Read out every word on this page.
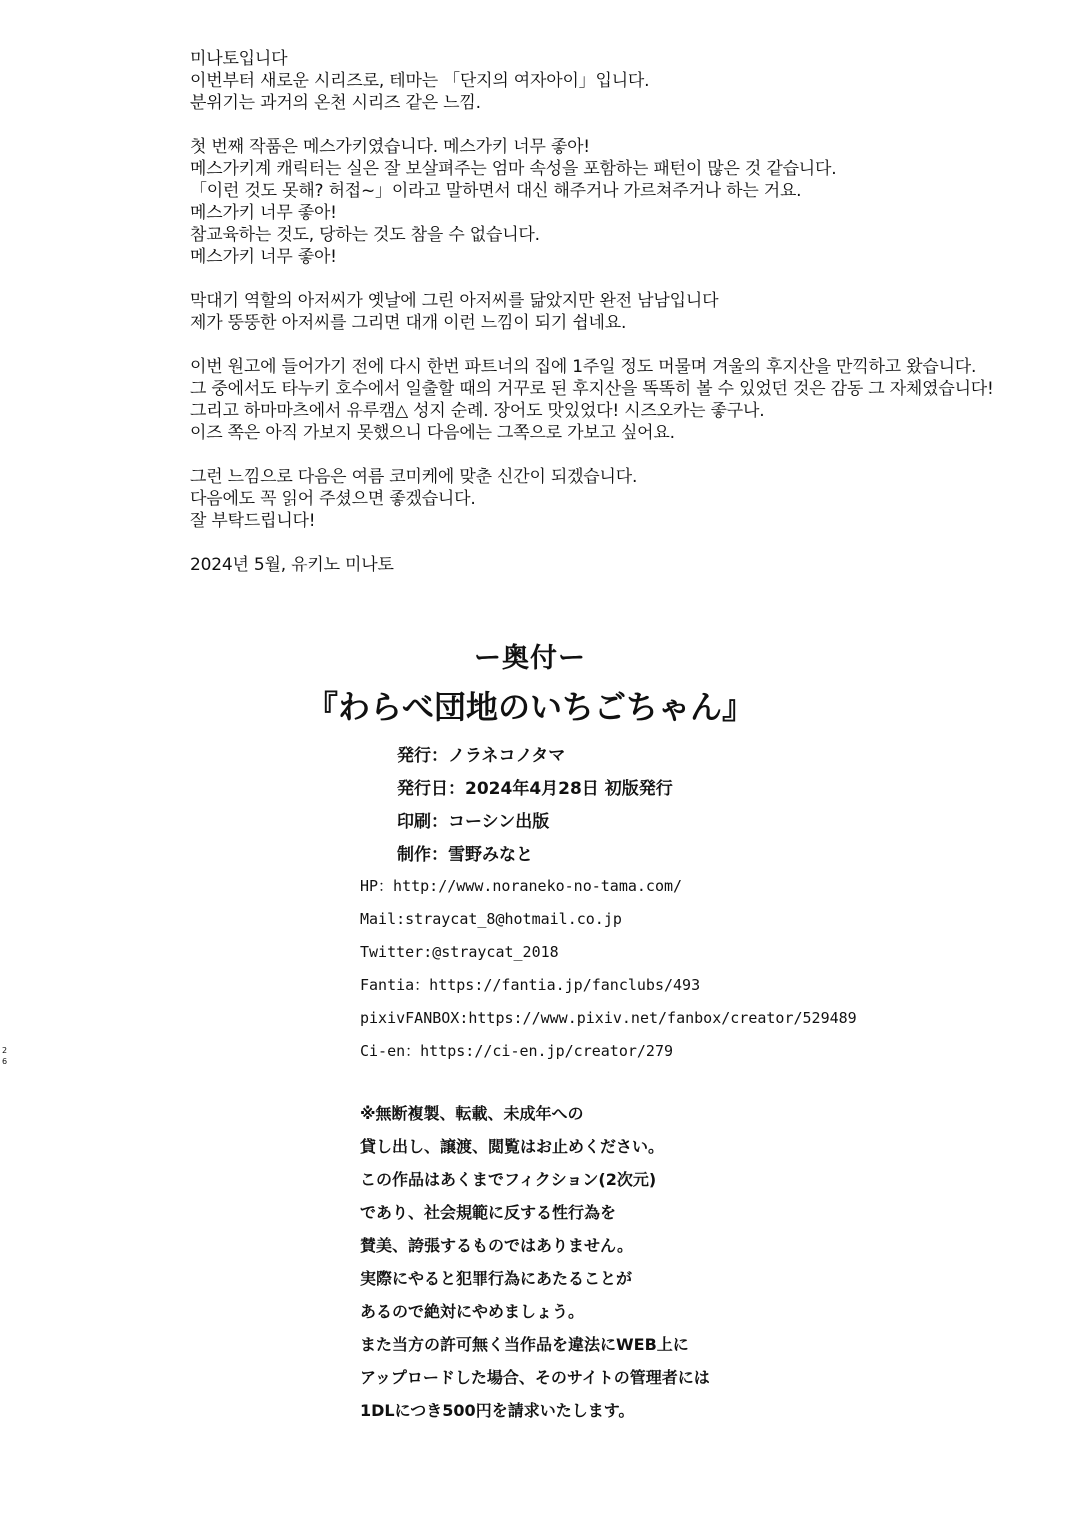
미나토입니다
이번부터 새로운 시리즈로, 테마는 「단지의 여자아이」입니다.
분위기는 과거의 온천 시리즈 같은 느낌.
첫 번째 작품은 메스가키였습니다. 메스가키 너무 좋아!
메스가키계 캐릭터는 실은 잘 보살펴주는 엄마 속성을 포함하는 패턴이 많은 것 같습니다.
「이런 것도 못해? 허접~」이라고 말하면서 대신 해주거나 가르쳐주거나 하는 거요.
메스가키 너무 좋아!
참교육하는 것도, 당하는 것도 참을 수 없습니다.
메스가키 너무 좋아!
막대기 역할의 아저씨가 옛날에 그린 아저씨를 닮았지만 완전 남남입니다
제가 뚱뚱한 아저씨를 그리면 대개 이런 느낌이 되기 쉽네요.
이번 원고에 들어가기 전에 다시 한번 파트너의 집에 1주일 정도 머물며 겨울의 후지산을 만끽하고 왔습니다.
그 중에서도 타누키 호수에서 일출할 때의 거꾸로 된 후지산을 똑똑히 볼 수 있었던 것은 감동 그 자체였습니다!
그리고 하마마츠에서 유루캠△ 성지 순례. 장어도 맛있었다! 시즈오카는 좋구나.
이즈 쪽은 아직 가보지 못했으니 다음에는 그쪽으로 가보고 싶어요.
그런 느낌으로 다음은 여름 코미케에 맞춘 신간이 되겠습니다.
다음에도 꼭 읽어 주셨으면 좋겠습니다.
잘 부탁드립니다!
2024년 5월, 유키노 미나토
ー奥付ー
『わらべ団地のいちごちゃん』
発行：ノラネコノタマ
発行日：2024年4月28日 初版発行
印刷：コーシン出版
制作：雪野みなと
HP：http://www.noraneko-no-tama.com/
Mail:straycat_8@hotmail.co.jp
Twitter:@straycat_2018
Fantia：https://fantia.jp/fanclubs/493
pixivFANBOX:https://www.pixiv.net/fanbox/creator/529489
Ci-en：https://ci-en.jp/creator/279
※無断複製、転載、未成年への
貸し出し、譲渡、閲覧はお止めください。
この作品はあくまでフィクション(2次元)
であり、社会規範に反する性行為を
賛美、誇張するものではありません。
実際にやると犯罪行為にあたることが
あるので絶対にやめましょう。
また当方の許可無く当作品を違法にWEB上に
アップロードした場合、そのサイトの管理者には
1DLにつき500円を請求いたします。
2
6
